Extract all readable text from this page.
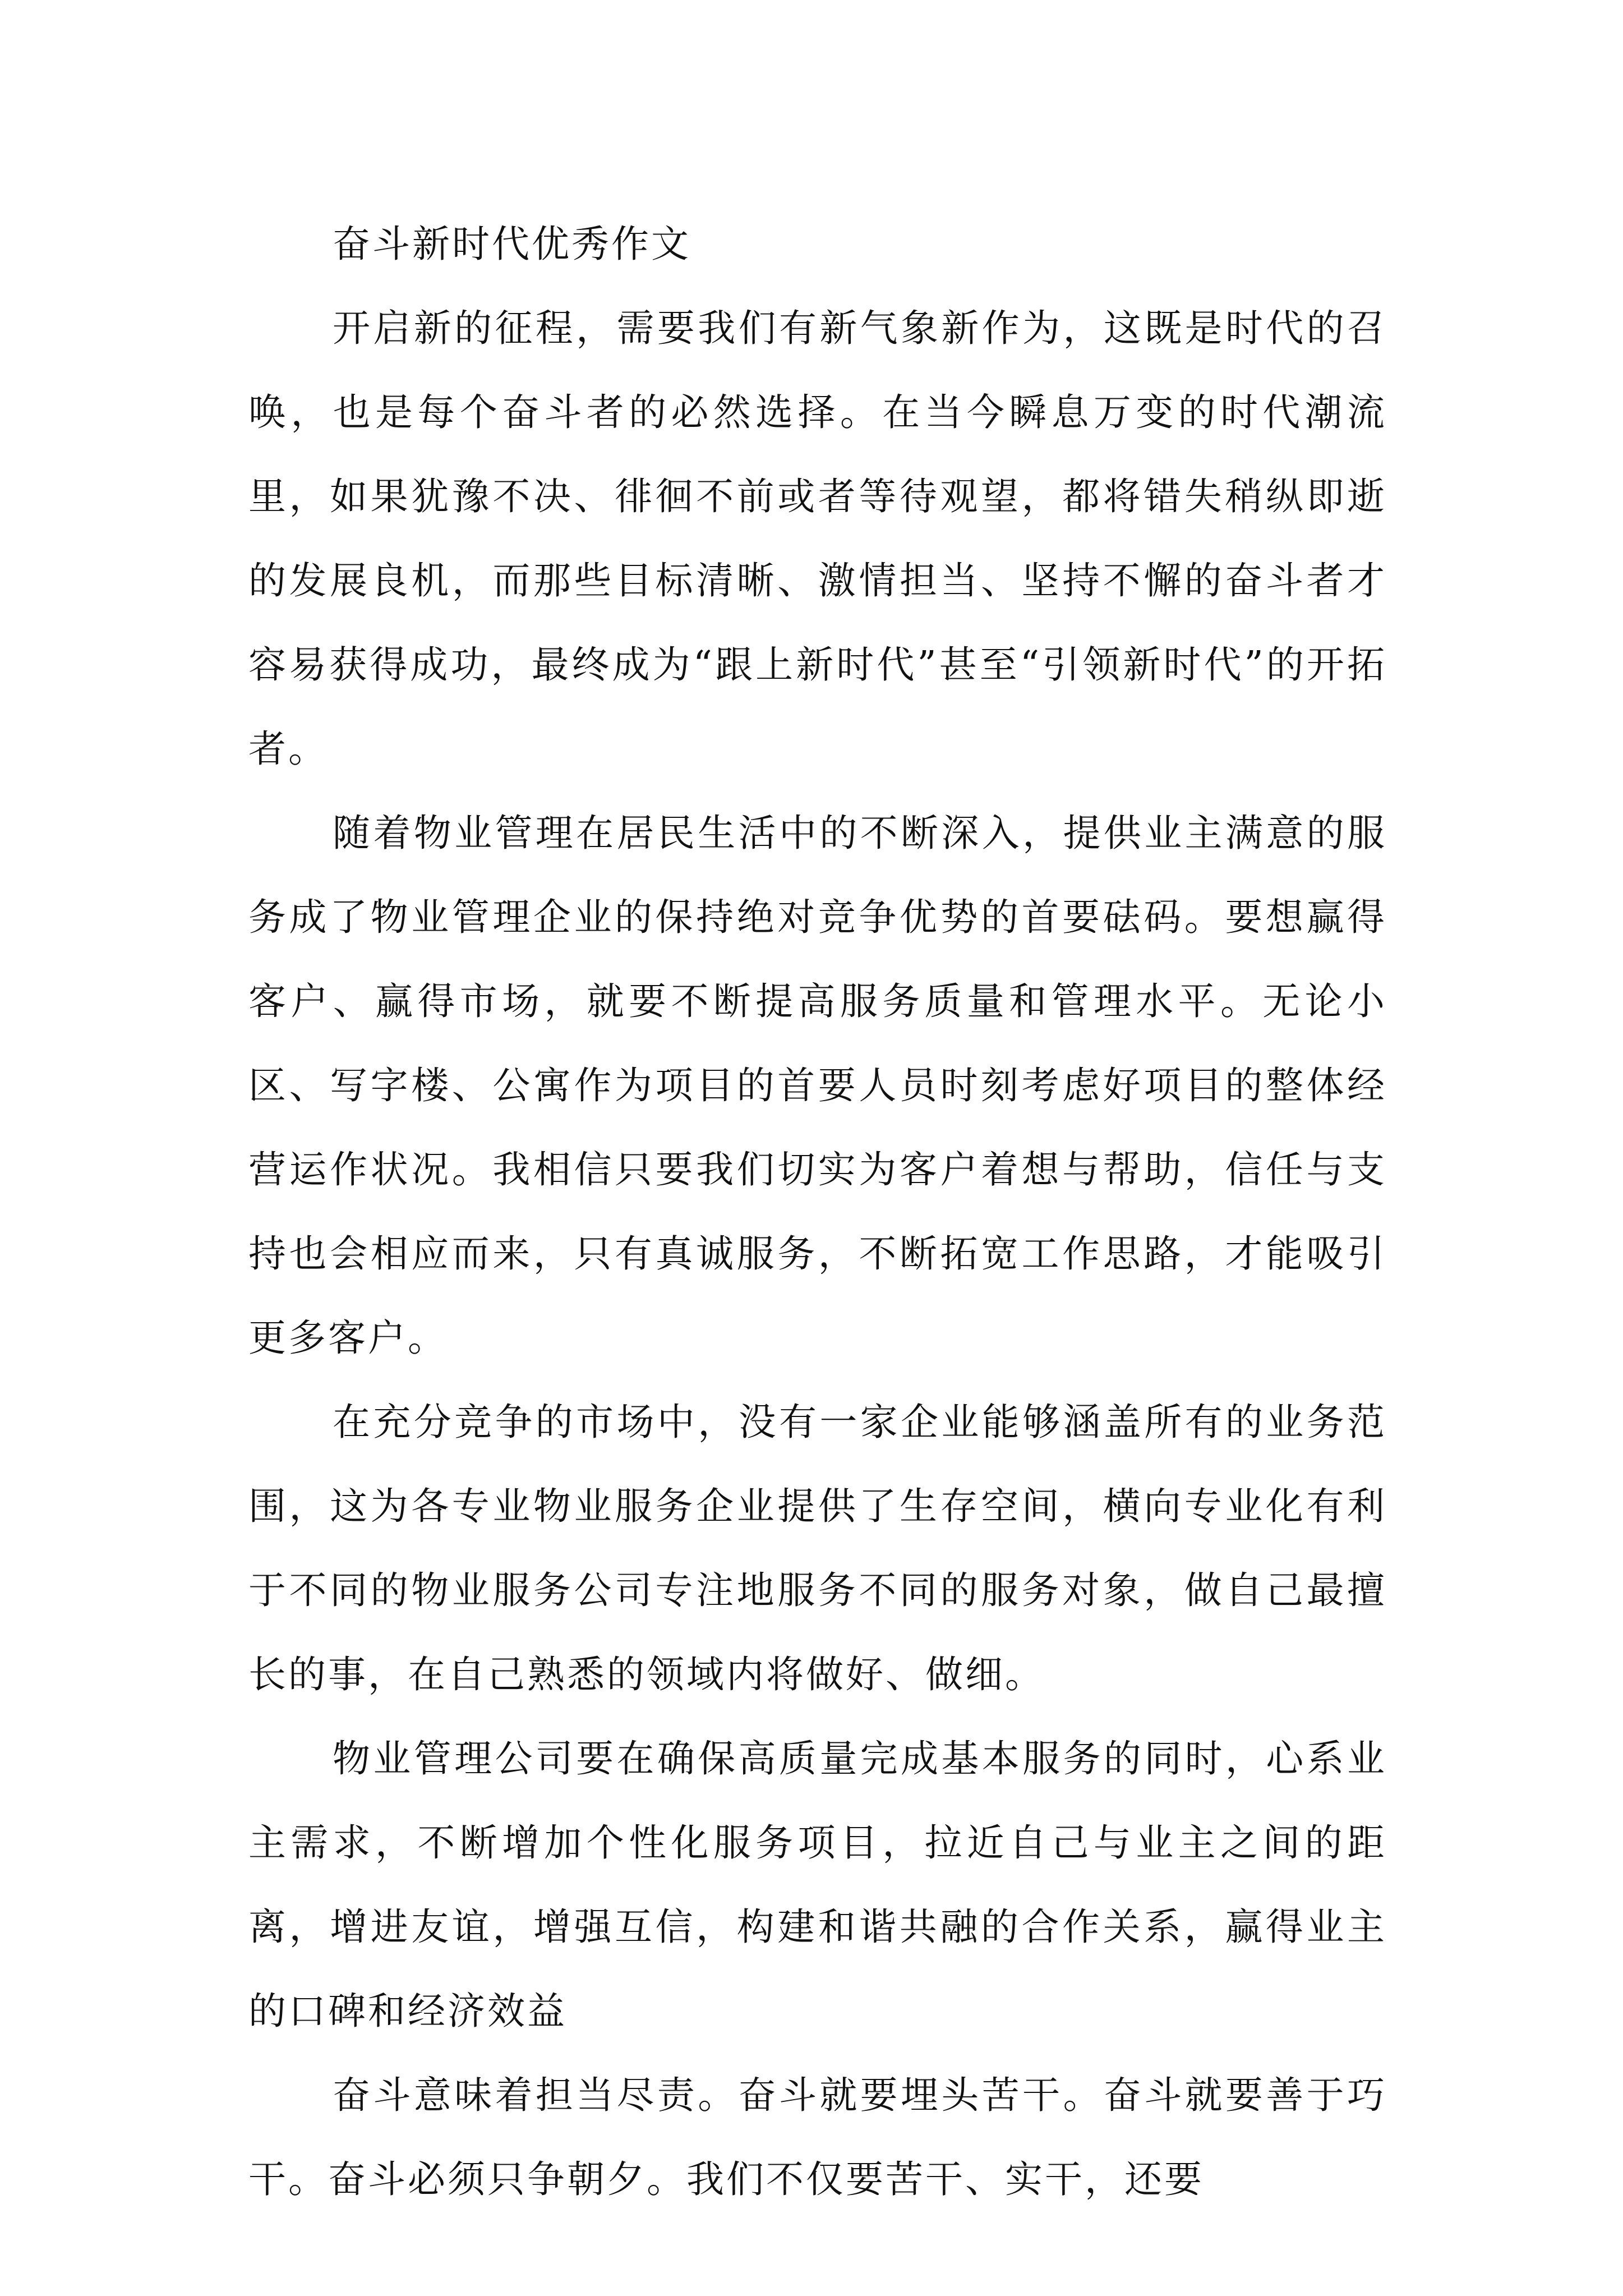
奋斗新时代优秀作文

开启新的征程，需要我们有新气象新作为，这既是时代的召唤，也是每个奋斗者的必然选择。在当今瞬息万变的时代潮流里，如果犹豫不决、徘徊不前或者等待观望，都将错失稍纵即逝的发展良机，而那些目标清晰、激情担当、坚持不懈的奋斗者才容易获得成功，最终成为“跟上新时代”甚至“引领新时代”的开拓者。

随着物业管理在居民生活中的不断深入，提供业主满意的服务成了物业管理企业的保持绝对竞争优势的首要砝码。要想赢得客户、赢得市场，就要不断提高服务质量和管理水平。无论小区、写字楼、公寓作为项目的首要人员时刻考虑好项目的整体经营运作状况。我相信只要我们切实为客户着想与帮助，信任与支持也会相应而来，只有真诚服务，不断拓宽工作思路，才能吸引更多客户。

在充分竞争的市场中，没有一家企业能够涵盖所有的业务范围，这为各专业物业服务企业提供了生存空间，横向专业化有利于不同的物业服务公司专注地服务不同的服务对象，做自己最擅长的事，在自己熟悉的领域内将做好、做细。

物业管理公司要在确保高质量完成基本服务的同时，心系业主需求，不断增加个性化服务项目，拉近自己与业主之间的距离，增进友谊，增强互信，构建和谐共融的合作关系，赢得业主的口碑和经济效益

奋斗意味着担当尽责。奋斗就要埋头苦干。奋斗就要善于巧干。奋斗必须只争朝夕。我们不仅要苦干、实干，还要
